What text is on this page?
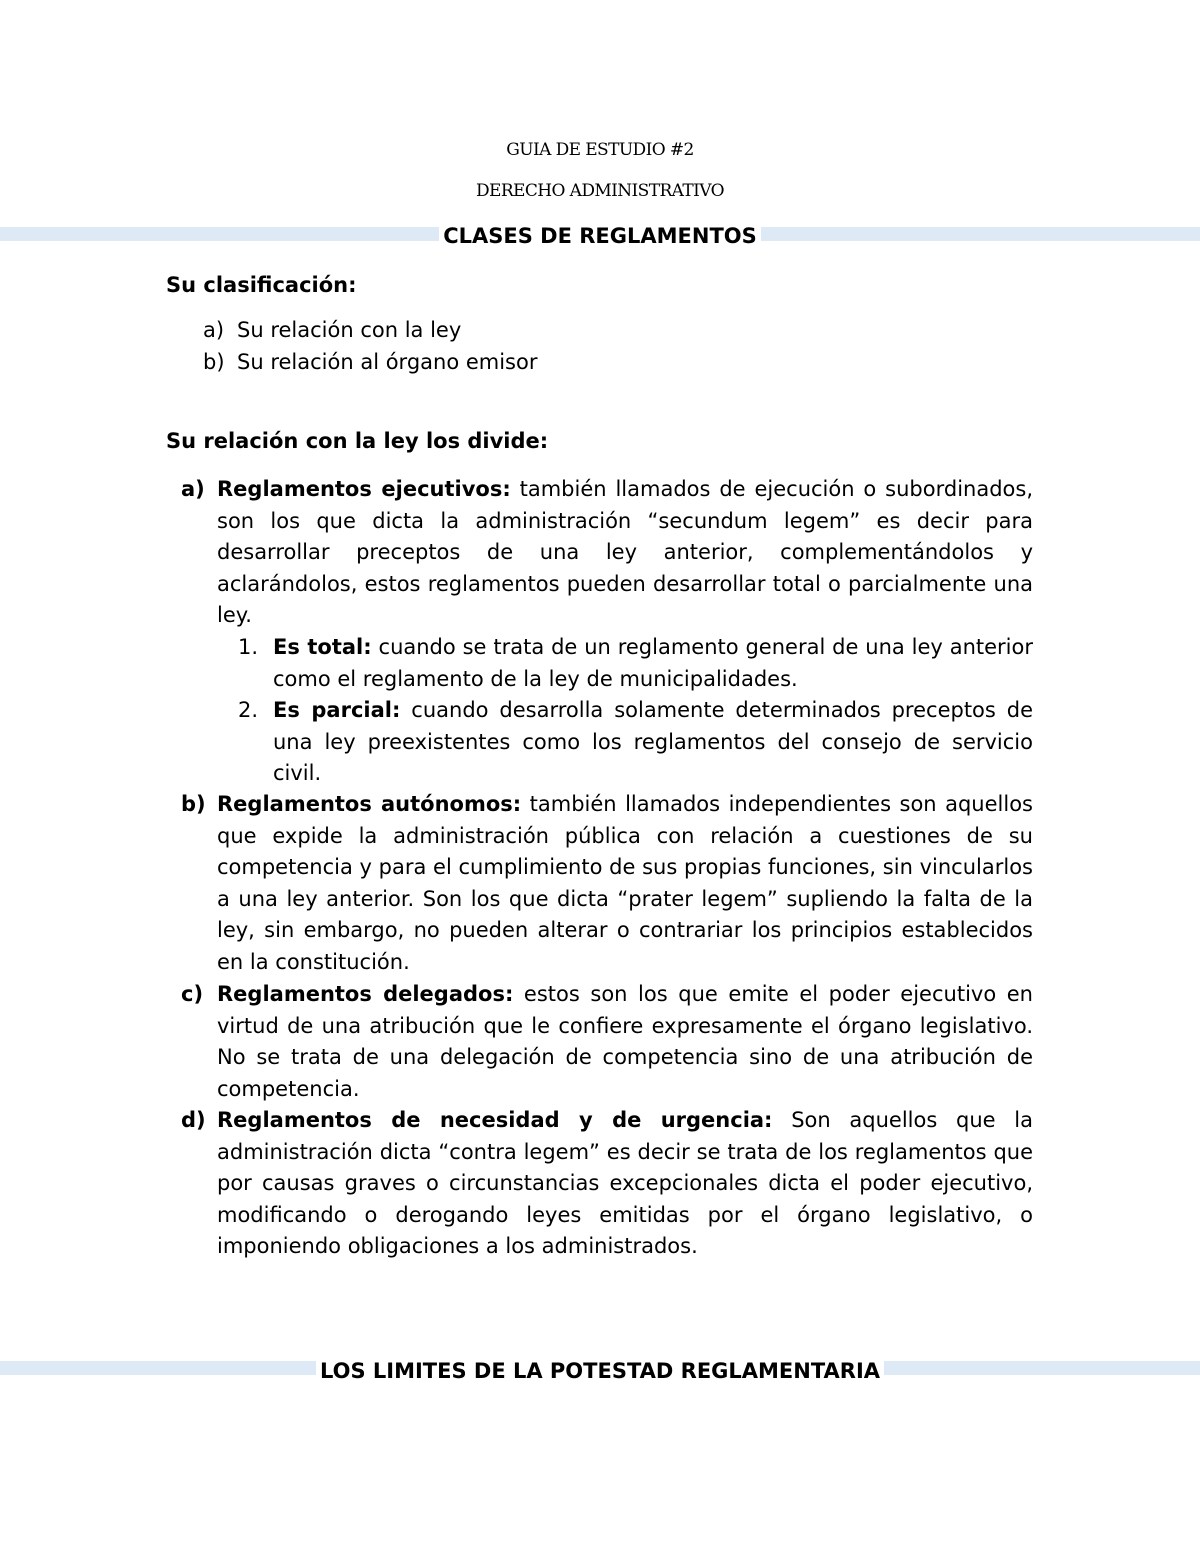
GUIA DE ESTUDIO #2
DERECHO ADMINISTRATIVO
CLASES DE REGLAMENTOS
Su clasificación:
a) Su relación con la ley
b) Su relación al órgano emisor
Su relación con la ley los divide:
a) Reglamentos ejecutivos: también llamados de ejecución o subordinados, son los que dicta la administración “secundum legem” es decir para desarrollar preceptos de una ley anterior, complementándolos y aclarándolos, estos reglamentos pueden desarrollar total o parcialmente una ley.
1. Es total: cuando se trata de un reglamento general de una ley anterior como el reglamento de la ley de municipalidades.
2. Es parcial: cuando desarrolla solamente determinados preceptos de una ley preexistentes como los reglamentos del consejo de servicio civil.
b) Reglamentos autónomos: también llamados independientes son aquellos que expide la administración pública con relación a cuestiones de su competencia y para el cumplimiento de sus propias funciones, sin vincularlos a una ley anterior. Son los que dicta “prater legem” supliendo la falta de la ley, sin embargo, no pueden alterar o contrariar los principios establecidos en la constitución.
c) Reglamentos delegados: estos son los que emite el poder ejecutivo en virtud de una atribución que le confiere expresamente el órgano legislativo. No se trata de una delegación de competencia sino de una atribución de competencia.
d) Reglamentos de necesidad y de urgencia: Son aquellos que la administración dicta “contra legem” es decir se trata de los reglamentos que por causas graves o circunstancias excepcionales dicta el poder ejecutivo, modificando o derogando leyes emitidas por el órgano legislativo, o imponiendo obligaciones a los administrados.
LOS LIMITES DE LA POTESTAD REGLAMENTARIA
